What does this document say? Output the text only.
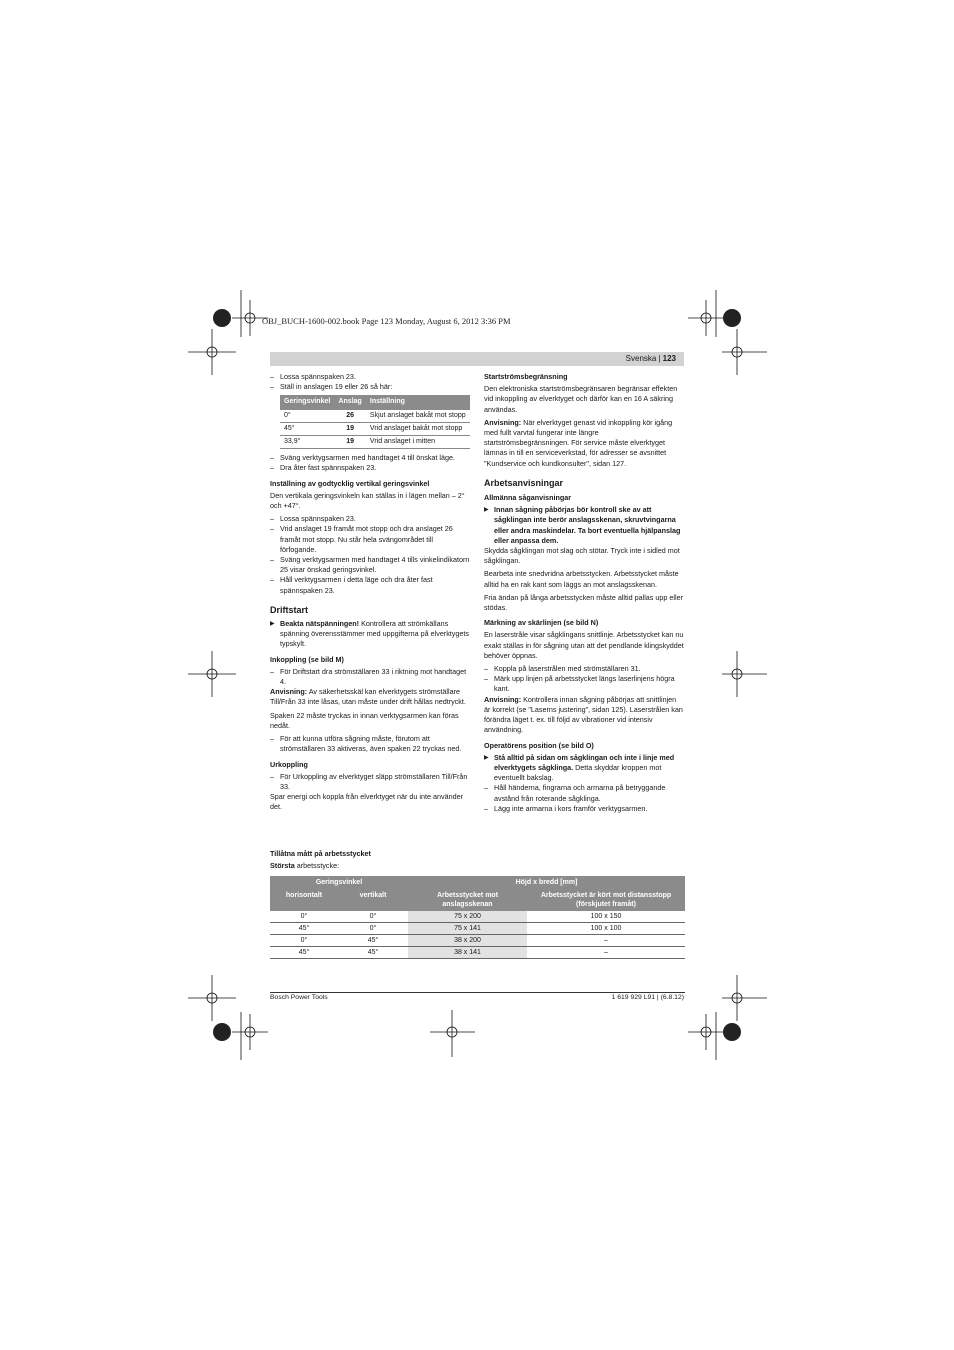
OBJ_BUCH-1600-002.book Page 123 Monday, August 6, 2012 3:36 PM
Svenska | 123
– Lossa spännspaken 23.
– Ställ in anslagen 19 eller 26 så här:
Geringsvinkel	Anslag	Inställning
0°	26	Skjut anslaget bakåt mot stopp
45°	19	Vrid anslaget bakåt mot stopp
33,9°	19	Vrid anslaget i mitten
– Sväng verktygsarmen med handtaget 4 till önskat läge.
– Dra åter fast spännspaken 23.
Inställning av godtycklig vertikal geringsvinkel

Den vertikala geringsvinkeln kan ställas in i lägen mellan – 2° och +47°.

– Lossa spännspaken 23.
– Vrid anslaget 19 framåt mot stopp och dra anslaget 26 framåt mot stopp. Nu står hela svängområdet till förfogande.
– Sväng verktygsarmen med handtaget 4 tills vinkelindikatorn 25 visar önskad geringsvinkel.
– Håll verktygsarmen i detta läge och dra åter fast spännspaken 23.
Driftstart
▶ Beakta nätspänningen! Kontrollera att strömkällans spänning överensstämmer med uppgifterna på elverktygets typskylt.
Inkoppling (se bild M)
– För Driftstart dra strömställaren 33 i riktning mot handtaget 4.

Anvisning: Av säkerhetsskäl kan elverktygets strömställare Till/Från 33 inte låsas, utan måste under drift hållas nedtryckt.

Spaken 22 måste tryckas in innan verktygsarmen kan föras nedåt.

– För att kunna utföra sågning måste, förutom att strömställaren 33 aktiveras, även spaken 22 tryckas ned.
Urkoppling
– För Urkoppling av elverktyget släpp strömställaren Till/Från 33.

Spar energi och koppla från elverktyget när du inte använder det.

Startströmsbegränsning

Den elektroniska startströmsbegränsaren begränsar effekten vid inkoppling av elverktyget och därför kan en 16 A säkring användas.

Anvisning: När elverktyget genast vid inkoppling kör igång med fullt varvtal fungerar inte längre startströmsbegränsningen. För service måste elverktyget lämnas in till en serviceverkstad, för adresser se avsnittet "Kundservice och kundkonsulter", sidan 127.

Arbetsanvisningar
Allmänna såganvisningar
▶ Innan sågning påbörjas bör kontroll ske av att sågklingan inte berör anslagsskenan, skruvtvingarna eller andra maskindelar. Ta bort eventuella hjälpanslag eller anpassa dem.

Skydda sågklingan mot slag och stötar. Tryck inte i sidled mot sågklingan.

Bearbeta inte snedvridna arbetsstycken. Arbetsstycket måste alltid ha en rak kant som läggs an mot anslagsskenan.

Fria ändan på långa arbetsstycken måste alltid pallas upp eller stödas.

Märkning av skärlinjen (se bild N)

En laserstråle visar sågklingans snittlinje. Arbetsstycket kan nu exakt ställas in för sågning utan att det pendlande klingskyddet behöver öppnas.

– Koppla på laserstrålen med strömställaren 31.
– Märk upp linjen på arbetsstycket längs laserlinjens högra kant.

Anvisning: Kontrollera innan sågning påbörjas att snittlinjen är korrekt (se "Laserns justering", sidan 125). Laserstrålen kan förändra läget t. ex. till följd av vibrationer vid intensiv användning.

Operatörens position (se bild O)
▶ Stå alltid på sidan om sågklingan och inte i linje med elverktygets sågklinga. Detta skyddar kroppen mot eventuellt bakslag.
– Håll händerna, fingrarna och armarna på betryggande avstånd från roterande sågklinga.
– Lägg inte armarna i kors framför verktygsarmen.
Tillåtna mått på arbetsstycket
Största arbetsstycke:
Geringsvinkel		Höjd x bredd [mm]	
horisontalt	vertikalt	Arbetsstycket mot anslagsskenan	Arbetsstycket är kört mot distansstopp (förskjutet framåt)
0°	0°	75 x 200	100 x 150
45°	0°	75 x 141	100 x 100
0°	45°	38 x 200	–
45°	45°	38 x 141	–
Bosch Power Tools	1 619 929 L91 | (6.8.12)
